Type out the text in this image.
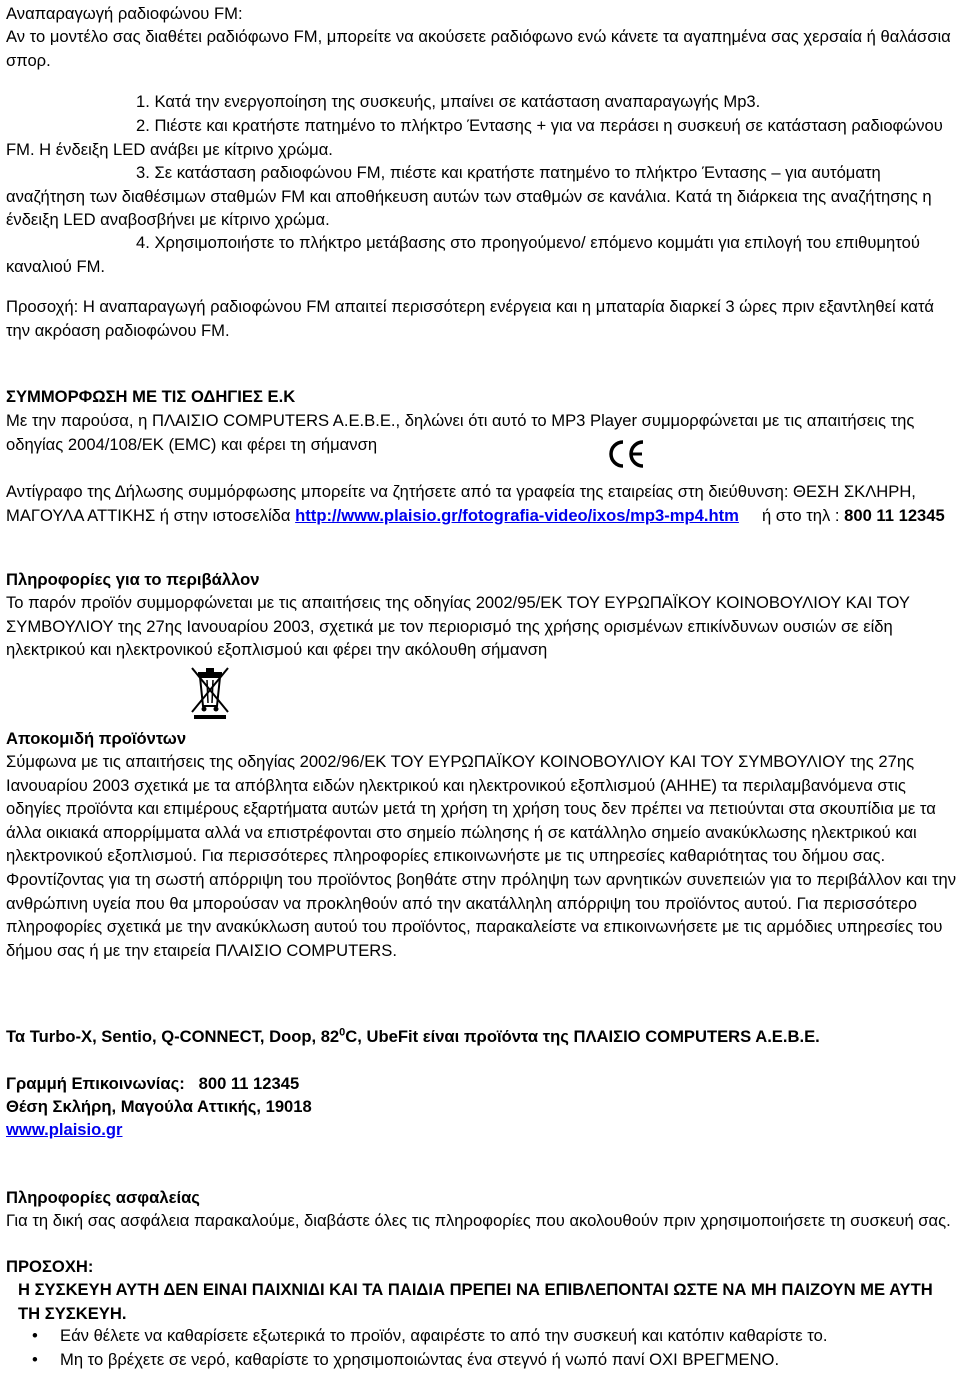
Αναπαραγωγή ραδιοφώνου FM:

Αν το μοντέλο σας διαθέτει ραδιόφωνο FM, μπορείτε να ακούσετε ραδιόφωνο ενώ κάνετε τα αγαπημένα σας χερσαία ή θαλάσσια σπορ.

1. Κατά την ενεργοποίηση της συσκευής, μπαίνει σε κατάσταση αναπαραγωγής Mp3.

2. Πιέστε και κρατήστε πατημένο το πλήκτρο Έντασης + για να περάσει η συσκευή σε κατάσταση ραδιοφώνου FM. Η ένδειξη LED ανάβει με κίτρινο χρώμα.

3. Σε κατάσταση ραδιοφώνου FM, πιέστε και κρατήστε πατημένο το πλήκτρο Έντασης – για αυτόματη αναζήτηση των διαθέσιμων σταθμών FM και αποθήκευση αυτών των σταθμών σε κανάλια. Κατά τη διάρκεια της αναζήτησης η ένδειξη LED αναβοσβήνει με κίτρινο χρώμα.

4. Χρησιμοποιήστε το πλήκτρο μετάβασης στο προηγούμενο/ επόμενο κομμάτι για επιλογή του επιθυμητού καναλιού FM.

Προσοχή: Η αναπαραγωγή ραδιοφώνου FM απαιτεί περισσότερη ενέργεια και η μπαταρία διαρκεί 3 ώρες πριν εξαντληθεί κατά την ακρόαση ραδιοφώνου FM.

ΣΥΜΜΟΡΦΩΣΗ ΜΕ ΤΙΣ ΟΔΗΓΙΕΣ Ε.Κ

Με την παρούσα, η ΠΛΑΙΣΙΟ COMPUTERS A.E.B.E., δηλώνει ότι αυτό το MP3 Player συμμορφώνεται με τις απαιτήσεις της οδηγίας 2004/108/ΕΚ (EMC) και φέρει τη σήμανση	CE

Αντίγραφο της Δήλωσης συμμόρφωσης μπορείτε να ζητήσετε από τα γραφεία της εταιρείας στη διεύθυνση: ΘΕΣΗ ΣΚΛΗΡΗ, ΜΑΓΟΥΛΑ ΑΤΤΙΚΗΣ ή στην ιστοσελίδα http://www.plaisio.gr/fotografia-video/ixos/mp3-mp4.htm ή στο τηλ : 800 11 12345

Πληροφορίες για το περιβάλλον

Το παρόν προϊόν συμμορφώνεται με τις απαιτήσεις της οδηγίας 2002/95/ΕΚ ΤΟΥ ΕΥΡΩΠΑΪΚΟΥ ΚΟΙΝΟΒΟΥΛΙΟΥ ΚΑΙ ΤΟΥ ΣΥΜΒΟΥΛΙΟΥ της 27ης Ιανουαρίου 2003, σχετικά με τον περιορισμό της χρήσης ορισμένων επικίνδυνων ουσιών σε είδη ηλεκτρικού και ηλεκτρονικού εξοπλισμού και φέρει την ακόλουθη σήμανση

Αποκομιδή προϊόντων

Σύμφωνα με τις απαιτήσεις της οδηγίας 2002/96/ΕΚ ΤΟΥ ΕΥΡΩΠΑΪΚΟΥ ΚΟΙΝΟΒΟΥΛΙΟΥ ΚΑΙ ΤΟΥ ΣΥΜΒΟΥΛΙΟΥ της 27ης Ιανουαρίου 2003 σχετικά με τα απόβλητα ειδών ηλεκτρικού και ηλεκτρονικού εξοπλισμού (ΑΗΗΕ) τα περιλαμβανόμενα στις οδηγίες προϊόντα και επιμέρους εξαρτήματα αυτών μετά τη χρήση τη χρήση τους δεν πρέπει να πετιούνται στα σκουπίδια με τα άλλα οικιακά απορρίμματα αλλά να επιστρέφονται στο σημείο πώλησης ή σε κατάλληλο σημείο ανακύκλωσης ηλεκτρικού και ηλεκτρονικού εξοπλισμού. Για περισσότερες πληροφορίες επικοινωνήστε με τις υπηρεσίες καθαριότητας του δήμου σας. Φροντίζοντας για τη σωστή απόρριψη του προϊόντος βοηθάτε στην πρόληψη των αρνητικών συνεπειών για το περιβάλλον και την ανθρώπινη υγεία που θα μπορούσαν να προκληθούν από την ακατάλληλη απόρριψη του προϊόντος αυτού. Για περισσότερο πληροφορίες σχετικά με την ανακύκλωση αυτού του προϊόντος, παρακαλείστε να επικοινωνήσετε με τις αρμόδιες υπηρεσίες του δήμου σας ή με την εταιρεία ΠΛΑΙΣΙΟ COMPUTERS.

Τα Turbo-X, Sentio, Q-CONNECT, Doop, $82^0C$, UbeFit είναι προϊόντα της ΠΛΑΙΣΙΟ COMPUTERS A.E.B.E.

Γραμμή Επικοινωνίας: 800 11 12345

Θέση Σκλήρη, Μαγούλα Αττικής, 19018

www.plaisio.gr

Πληροφορίες ασφαλείας

Για τη δική σας ασφάλεια παρακαλούμε, διαβάστε όλες τις πληροφορίες που ακολουθούν πριν χρησιμοποιήσετε τη συσκευή σας.

ΠΡΟΣΟΧΗ:

Η ΣΥΣΚΕΥΗ ΑΥΤΗ ΔΕΝ ΕΙΝΑΙ ΠΑΙΧΝΙΔΙ ΚΑΙ ΤΑ ΠΑΙΔΙΑ ΠΡΕΠΕΙ ΝΑ ΕΠΙΒΛΕΠΟΝΤΑΙ ΩΣΤΕ ΝΑ ΜΗ ΠΑΙΖΟΥΝ ΜΕ ΑΥΤΗ ΤΗ ΣΥΣΚΕΥΗ.

• Εάν θέλετε να καθαρίσετε εξωτερικά το προϊόν, αφαιρέστε το από την συσκευή και κατόπιν καθαρίστε το.
• Μη το βρέχετε σε νερό, καθαρίστε το χρησιμοποιώντας ένα στεγνό ή νωπό πανί ΟΧΙ ΒΡΕΓΜΕΝΟ.
